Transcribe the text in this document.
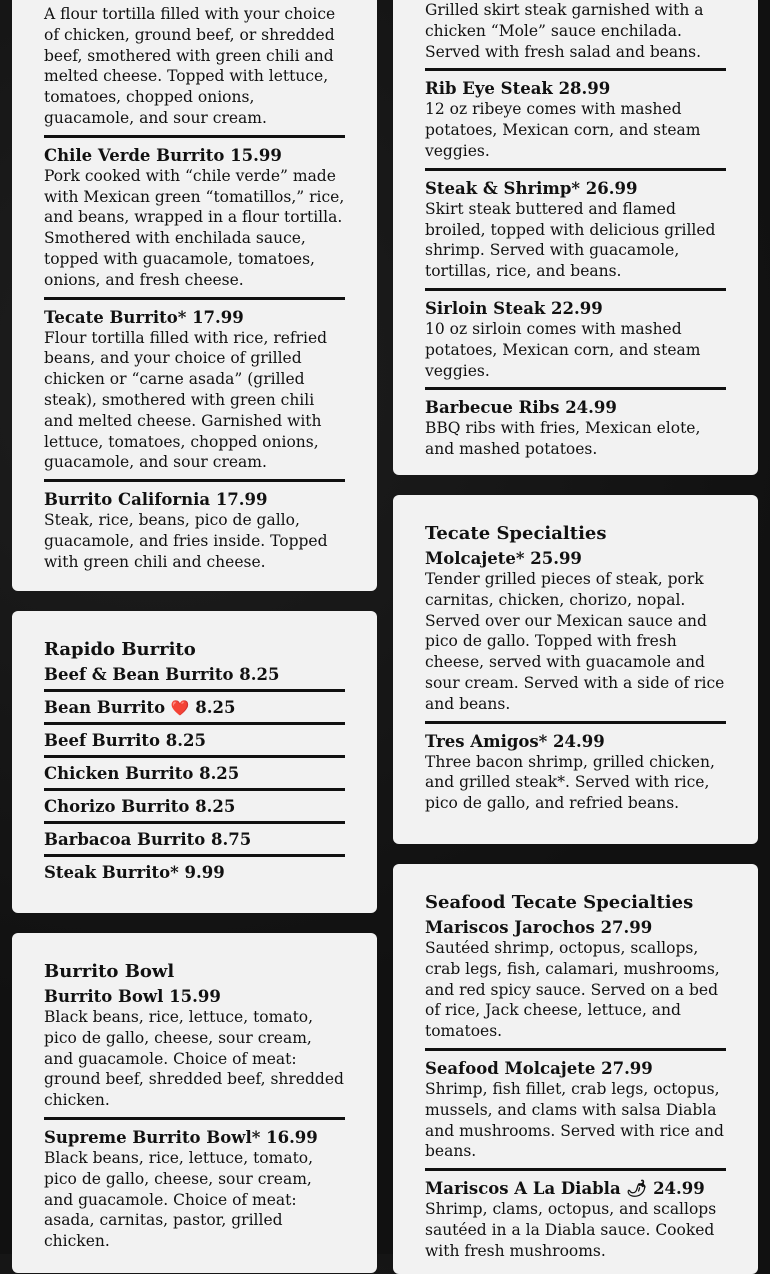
A flour tortilla filled with your choice of chicken, ground beef, or shredded beef, smothered with green chili and melted cheese. Topped with lettuce, tomatoes, chopped onions, guacamole, and sour cream.
Chile Verde Burrito 15.99
Pork cooked with “chile verde” made with Mexican green “tomatillos,” rice, and beans, wrapped in a flour tortilla. Smothered with enchilada sauce, topped with guacamole, tomatoes, onions, and fresh cheese.
Tecate Burrito* 17.99
Flour tortilla filled with rice, refried beans, and your choice of grilled chicken or “carne asada” (grilled steak), smothered with green chili and melted cheese. Garnished with lettuce, tomatoes, chopped onions, guacamole, and sour cream.
Burrito California 17.99
Steak, rice, beans, pico de gallo, guacamole, and fries inside. Topped with green chili and cheese.
Rapido Burrito
Beef & Bean Burrito 8.25
Bean Burrito ❤️ 8.25
Beef Burrito 8.25
Chicken Burrito 8.25
Chorizo Burrito 8.25
Barbacoa Burrito 8.75
Steak Burrito* 9.99
Burrito Bowl
Burrito Bowl 15.99
Black beans, rice, lettuce, tomato, pico de gallo, cheese, sour cream, and guacamole. Choice of meat: ground beef, shredded beef, shredded chicken.
Supreme Burrito Bowl* 16.99
Black beans, rice, lettuce, tomato, pico de gallo, cheese, sour cream, and guacamole. Choice of meat: asada, carnitas, pastor, grilled chicken.
Grilled skirt steak garnished with a chicken “Mole” sauce enchilada. Served with fresh salad and beans.
Rib Eye Steak 28.99
12 oz ribeye comes with mashed potatoes, Mexican corn, and steam veggies.
Steak & Shrimp* 26.99
Skirt steak buttered and flamed broiled, topped with delicious grilled shrimp. Served with guacamole, tortillas, rice, and beans.
Sirloin Steak 22.99
10 oz sirloin comes with mashed potatoes, Mexican corn, and steam veggies.
Barbecue Ribs 24.99
BBQ ribs with fries, Mexican elote, and mashed potatoes.
Tecate Specialties
Molcajete* 25.99
Tender grilled pieces of steak, pork carnitas, chicken, chorizo, nopal. Served over our Mexican sauce and pico de gallo. Topped with fresh cheese, served with guacamole and sour cream. Served with a side of rice and beans.
Tres Amigos* 24.99
Three bacon shrimp, grilled chicken, and grilled steak*. Served with rice, pico de gallo, and refried beans.
Seafood Tecate Specialties
Mariscos Jarochos 27.99
Sautéed shrimp, octopus, scallops, crab legs, fish, calamari, mushrooms, and red spicy sauce. Served on a bed of rice, Jack cheese, lettuce, and tomatoes.
Seafood Molcajete 27.99
Shrimp, fish fillet, crab legs, octopus, mussels, and clams with salsa Diabla and mushrooms. Served with rice and beans.
Mariscos A La Diabla 🌶 24.99
Shrimp, clams, octopus, and scallops sautéed in a la Diabla sauce. Cooked with fresh mushrooms.
